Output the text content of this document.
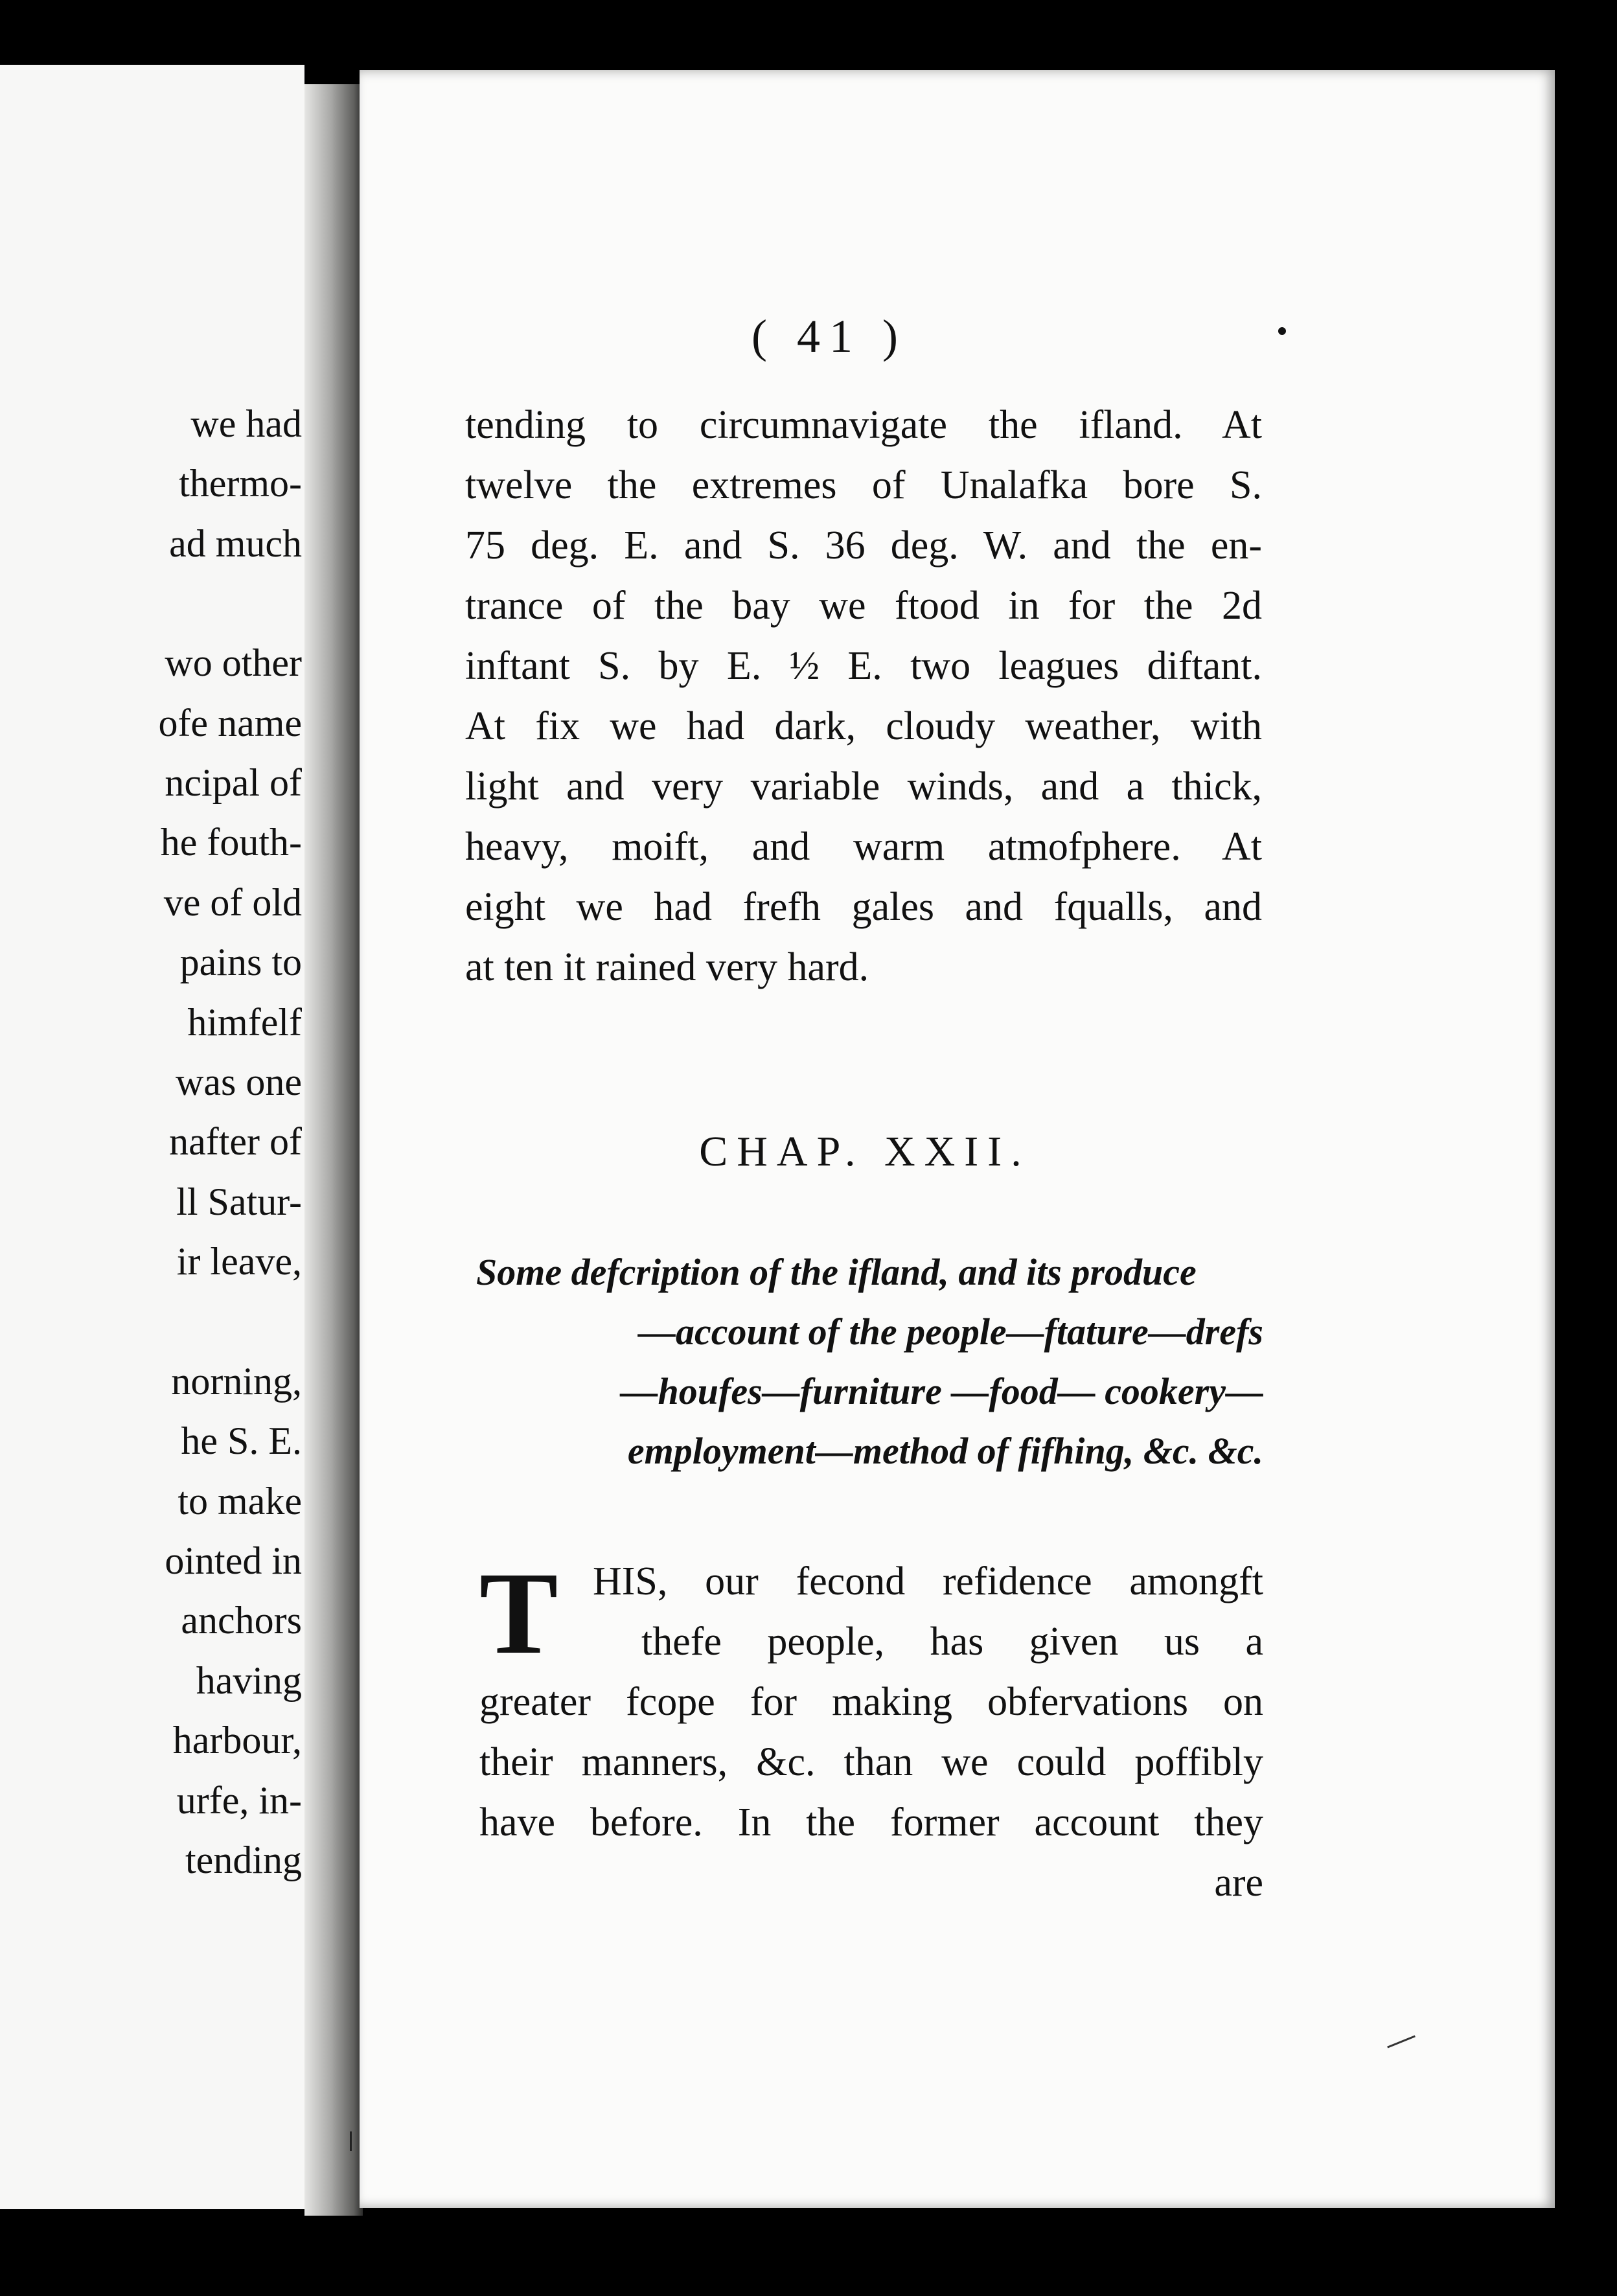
we had
thermo-
ad much
wo other
ofe name
ncipal of
he fouth-
ve of old
pains to
himfelf
was one
nafter of
ll Satur-
ir leave,
norning,
he S. E.
to make
ointed in
anchors
having
harbour,
urfe, in-
tending
( 41 )
tending to circumnavigate the ifland. At
twelve the extremes of Unalafka bore S.
75 deg. E. and S. 36 deg. W. and the en-
trance of the bay we ftood in for the 2d
inftant S. by E. ½ E. two leagues diftant.
At fix we had dark, cloudy weather, with
light and very variable winds, and a thick,
heavy, moift, and warm atmofphere. At
eight we had frefh gales and fqualls, and
at ten it rained very hard.
CHAP. XXII.
Some defcription of the ifland, and its produce
—account of the people—ftature—drefs
—houfes—furniture —food— cookery—
employment—method of fifhing, &c. &c.
T HIS, our fecond refidence amongft
thefe people, has given us a
greater fcope for making obfervations on
their manners, &c. than we could poffibly
have before. In the former account they
are
